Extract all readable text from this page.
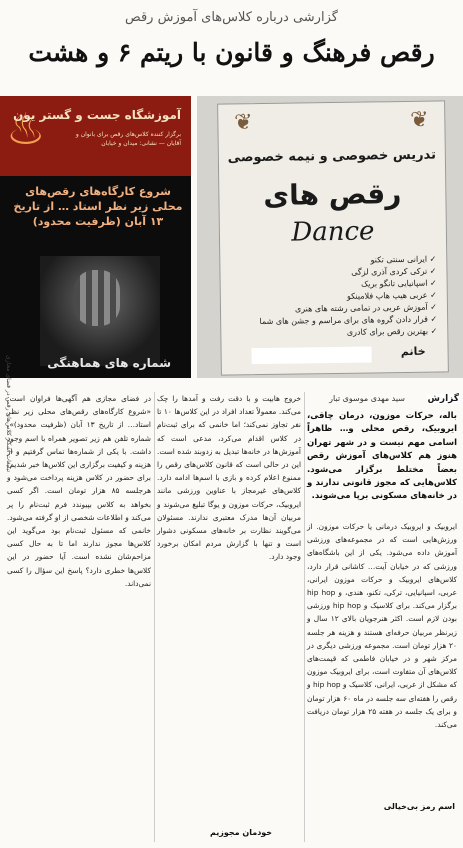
گزارشی درباره کلاس‌های آموزش رقص
رقص فرهنگ و قانون با ریتم ۶ و هشت
❦	❦
تدریس خصوصی و نیمه خصوصی
رقص های
Dance
✓ ایرانی سنتی تکنو
✓ ترکی کردی آذری لزگی
✓ اسپانیایی تانگو بریک
✓ عربی هیپ هاپ فلامینکو
✓ آموزش عربی در تمامی رشته های هنری
✓ قرار دادن گروه های برای مراسم و جشن های شما
✓ بهترین رقص برای کادری
خانم
♨
آموزشگاه جست و گستر یون
برگزار کننده کلاس‌های رقص برای بانوان و آقایان — نشانی: میدان و خیابان
شروع کارگاه‌های رقص‌های محلی زیر نظر استاد … از تاریخ ۱۳ آبان (ظرفیت محدود)
شماره های هماهنگی
تبلیغات آشکار کلاس‌های رقص در فضای مجازی	گزارش
سید مهدی موسوی تبار
باله، حرکات موزون، درمان چاقی، ایروبیک، رقص محلی و… ظاهراً اسامی مهم نیست و در شهر تهران هنوز هم کلاس‌های آموزش رقص بعضاً مختلط برگزار می‌شود. کلاس‌هایی که مجوز قانونی ندارند و در خانه‌های مسکونی برپا می‌شوند.
ایروبیک و ایروبیک درمانی یا حرکات موزون. از ورزش‌هایی است که در مجموعه‌های ورزشی آموزش داده می‌شود. یکی از این باشگاه‌های ورزشی که در خیابان آیت… کاشانی قرار دارد، کلاس‌های ایروبیک و حرکات موزون ایرانی، عربی، اسپانیایی، ترکی، تکنو، هندی، و hip hop برگزار می‌کند. برای کلاسیک و hip hop ورزشی بودن لازم است. اکثر هنرجویان بالای ۱۲ سال و زیرنظر مربیان حرفه‌ای هستند و هزینه هر جلسه ۲۰ هزار تومان است. مجموعه ورزشی دیگری در مرکز شهر و در خیابان فاطمی که قیمت‌های کلاس‌های آن متفاوت است، برای ایروبیک موزون که مشکل از عربی، ایرانی، کلاسیک و hip hop و رقص را هفته‌ای سه جلسه در ماه ۶۰ هزار تومان و برای یک جلسه در هفته ۲۵ هزار تومان دریافت می‌کند.
اسم رمز بی‌خیالی
خروج هابیت و با دقت رفت و آمدها را چک می‌کند. معمولاً تعداد افراد در این کلاس‌ها ۱۰ تا نفر تجاوز نمی‌کند؛ اما خانمی که برای ثبت‌نام در کلاس اقدام می‌کرد، مدعی است که آموزش‌ها در خانه‌ها تبدیل به زدوبند شده است. این در حالی است که قانون کلاس‌های رقص را ممنوع اعلام کرده و بازی با اسم‌ها ادامه دارد. کلاس‌های غیرمجاز با عناوین ورزشی مانند ایروبیک، حرکات موزون و یوگا تبلیغ می‌شوند و مربیان آن‌ها مدرک معتبری ندارند. مسئولان می‌گویند نظارت بر خانه‌های مسکونی دشوار است و تنها با گزارش مردم امکان برخورد وجود دارد.
خودمان مجوزیم
در فضای مجازی هم آگهی‌ها فراوان است: «شروع کارگاه‌های رقص‌های محلی زیر نظر استاد… از تاریخ ۱۳ آبان (ظرفیت محدود)». شماره تلفن هم زیر تصویر همراه با اسم وجود داشت. با یکی از شماره‌ها تماس گرفتیم و از هزینه و کیفیت برگزاری این کلاس‌ها خبر شدیم. برای حضور در کلاس هزینه پرداخت می‌شود و هرجلسه ۸۵ هزار تومان است. اگر کسی بخواهد به کلاس بپیوندد فرم ثبت‌نام را پر می‌کند و اطلاعات شخصی از او گرفته می‌شود. خانمی که مسئول ثبت‌نام بود می‌گوید این کلاس‌ها مجوز ندارند اما تا به حال کسی مزاحم‌شان نشده است. آیا حضور در این کلاس‌ها خطری دارد؟ پاسخ این سؤال را کسی نمی‌داند.
